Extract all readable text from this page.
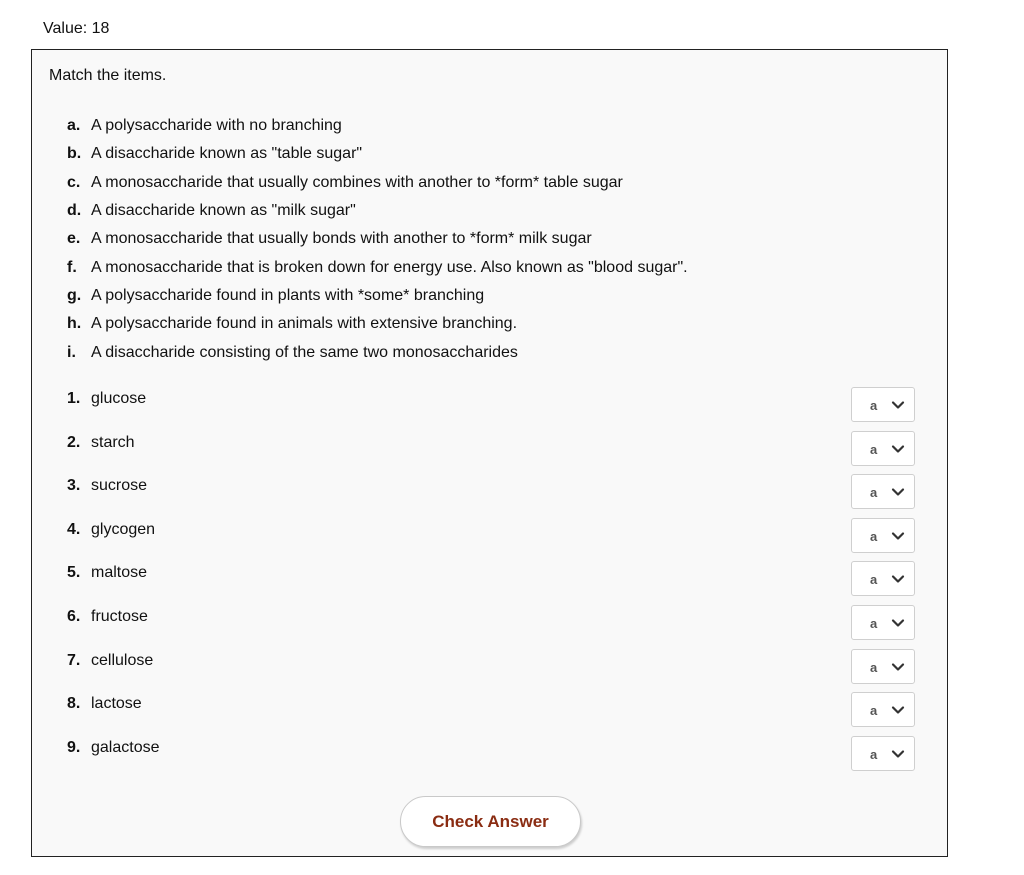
Value: 18
Match the items.
a. A polysaccharide with no branching
b. A disaccharide known as "table sugar"
c. A monosaccharide that usually combines with another to *form* table sugar
d. A disaccharide known as "milk sugar"
e. A monosaccharide that usually bonds with another to *form* milk sugar
f. A monosaccharide that is broken down for energy use. Also known as "blood sugar".
g. A polysaccharide found in plants with *some* branching
h. A polysaccharide found in animals with extensive branching.
i. A disaccharide consisting of the same two monosaccharides
1. glucose	a
2. starch	a
3. sucrose	a
4. glycogen	a
5. maltose	a
6. fructose	a
7. cellulose	a
8. lactose	a
9. galactose	a
Check Answer
